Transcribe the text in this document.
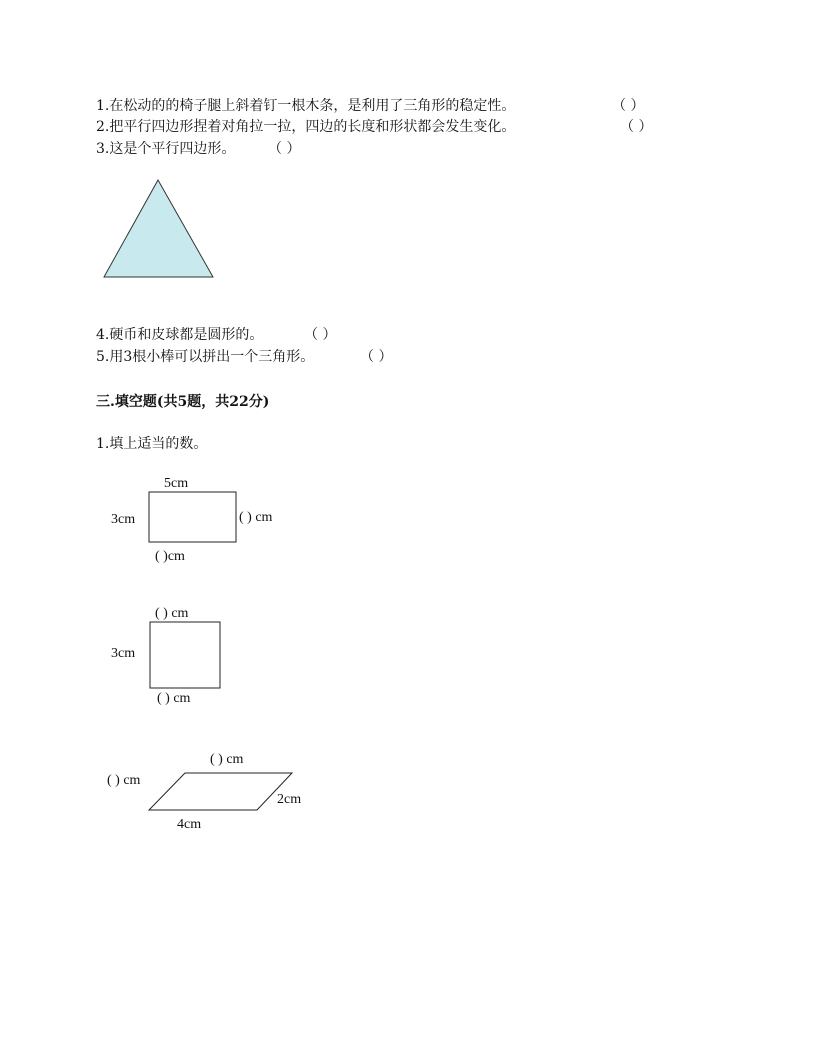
1.在松动的的椅子腿上斜着钉一根木条，是利用了三角形的稳定性。	（ ）
2.把平行四边形捏着对角拉一拉，四边的长度和形状都会发生变化。	（ ）
3.这是个平行四边形。 （ ）
4.硬币和皮球都是圆形的。	（ ）
5.用3根小棒可以拼出一个三角形。	（ ）
三.填空题(共5题，共22分)
1.填上适当的数。
5cm
3cm	( ) cm
( )cm
( ) cm
3cm
( ) cm
( ) cm
( ) cm
2cm
4cm
